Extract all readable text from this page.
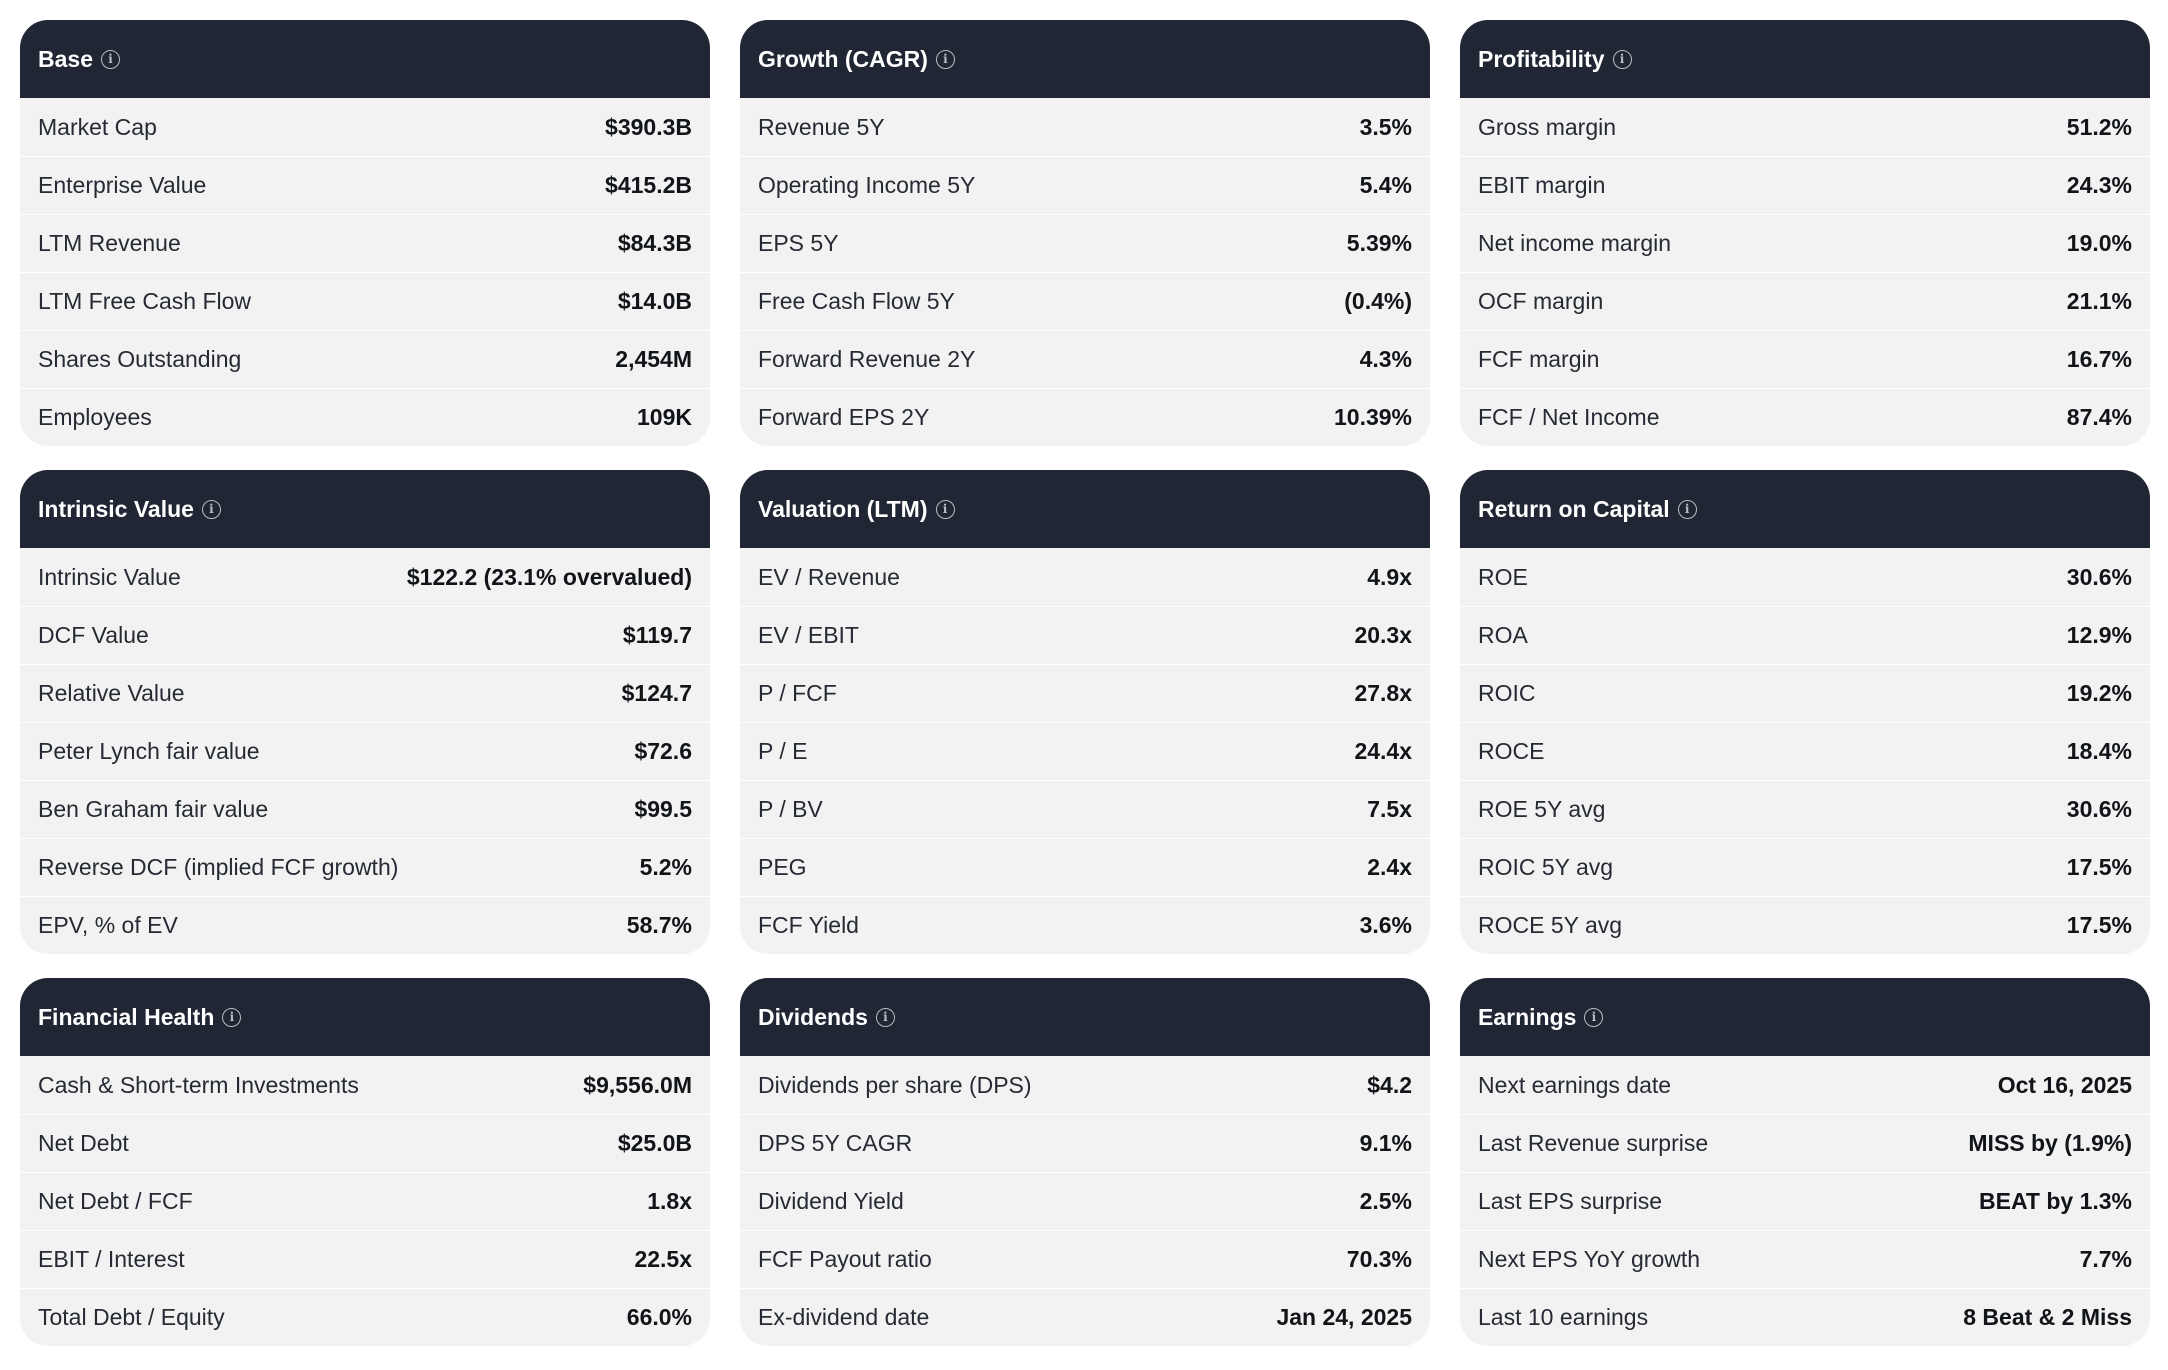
Base	i
Market Cap	$390.3B
Enterprise Value	$415.2B
LTM Revenue	$84.3B
LTM Free Cash Flow	$14.0B
Shares Outstanding	2,454M
Employees	109K
Growth (CAGR)	i
Revenue 5Y	3.5%
Operating Income 5Y	5.4%
EPS 5Y	5.39%
Free Cash Flow 5Y	(0.4%)
Forward Revenue 2Y	4.3%
Forward EPS 2Y	10.39%
Profitability	i
Gross margin	51.2%
EBIT margin	24.3%
Net income margin	19.0%
OCF margin	21.1%
FCF margin	16.7%
FCF / Net Income	87.4%
Intrinsic Value	i
Intrinsic Value	$122.2 (23.1% overvalued)
DCF Value	$119.7
Relative Value	$124.7
Peter Lynch fair value	$72.6
Ben Graham fair value	$99.5
Reverse DCF (implied FCF growth)	5.2%
EPV, % of EV	58.7%
Valuation (LTM)	i
EV / Revenue	4.9x
EV / EBIT	20.3x
P / FCF	27.8x
P / E	24.4x
P / BV	7.5x
PEG	2.4x
FCF Yield	3.6%
Return on Capital	i
ROE	30.6%
ROA	12.9%
ROIC	19.2%
ROCE	18.4%
ROE 5Y avg	30.6%
ROIC 5Y avg	17.5%
ROCE 5Y avg	17.5%
Financial Health	i
Cash & Short-term Investments	$9,556.0M
Net Debt	$25.0B
Net Debt / FCF	1.8x
EBIT / Interest	22.5x
Total Debt / Equity	66.0%
Dividends	i
Dividends per share (DPS)	$4.2
DPS 5Y CAGR	9.1%
Dividend Yield	2.5%
FCF Payout ratio	70.3%
Ex-dividend date	Jan 24, 2025
Earnings	i
Next earnings date	Oct 16, 2025
Last Revenue surprise	MISS by (1.9%)
Last EPS surprise	BEAT by 1.3%
Next EPS YoY growth	7.7%
Last 10 earnings	8 Beat & 2 Miss
